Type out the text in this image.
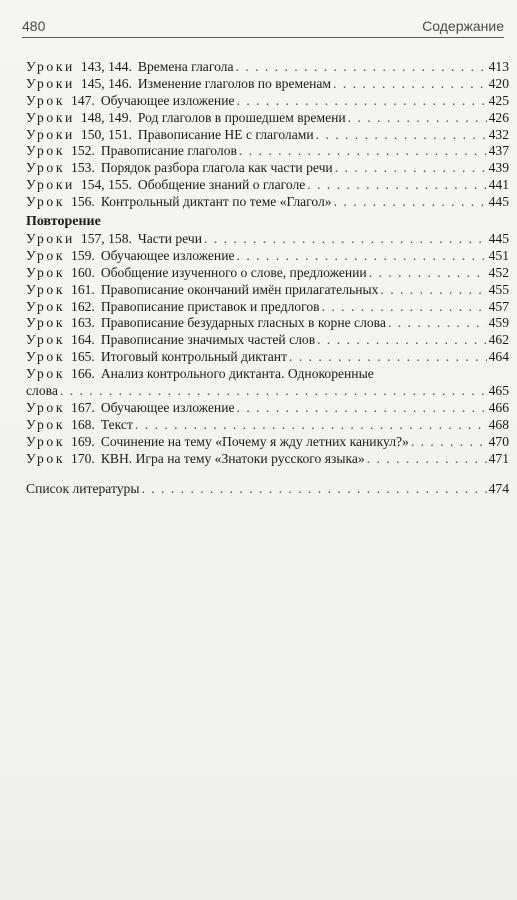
480	Содержание
Уроки 143, 144. Времена глагола . . .	413
Уроки 145, 146. Изменение глаголов по временам . . .	420
Урок 147. Обучающее изложение . . .	425
Уроки 148, 149. Род глаголов в прошедшем времени . . .	426
Уроки 150, 151. Правописание НЕ с глаголами . . .	432
Урок 152. Правописание глаголов . . .	437
Урок 153. Порядок разбора глагола как части речи . . .	439
Уроки 154, 155. Обобщение знаний о глаголе . . .	441
Урок 156. Контрольный диктант по теме «Глагол» . . .	445
Повторение
Уроки 157, 158. Части речи . . .	445
Урок 159. Обучающее изложение . . .	451
Урок 160. Обобщение изученного о слове, предложении . . .	452
Урок 161. Правописание окончаний имён прилагательных . . .	455
Урок 162. Правописание приставок и предлогов . . .	457
Урок 163. Правописание безударных гласных в корне слова . . .	459
Урок 164. Правописание значимых частей слов . . .	462
Урок 165. Итоговый контрольный диктант . . .	464
Урок 166. Анализ контрольного диктанта. Однокоренные
слова . . .	465
Урок 167. Обучающее изложение . . .	466
Урок 168. Текст . . .	468
Урок 169. Сочинение на тему «Почему я жду летних каникул?» . . .	470
Урок 170. КВН. Игра на тему «Знатоки русского языка» . . .	471
Список литературы . . .	474
